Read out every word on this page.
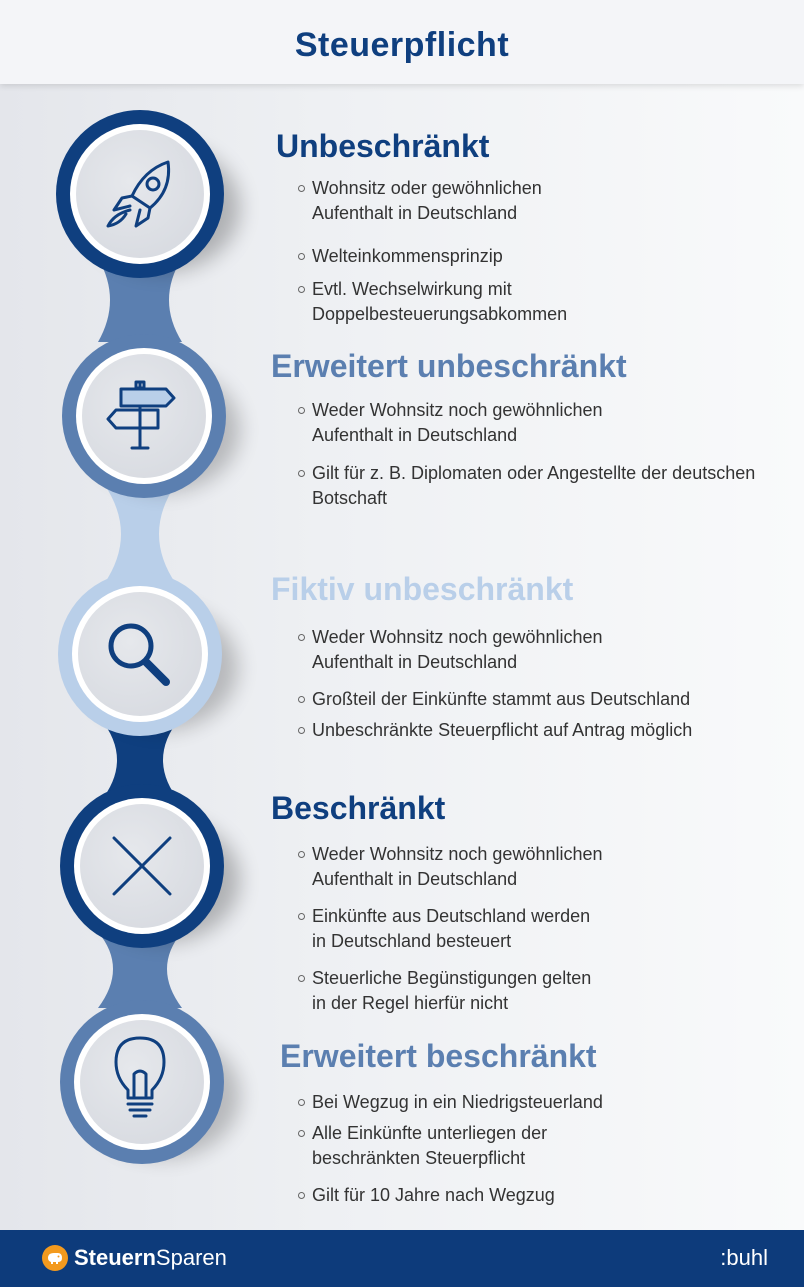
Steuerpflicht
Unbeschränkt
Wohnsitz oder gewöhnlichen
Aufenthalt in Deutschland
Welteinkommensprinzip
Evtl. Wechselwirkung mit
Doppelbesteuerungsabkommen
Erweitert unbeschränkt
Weder Wohnsitz noch gewöhnlichen
Aufenthalt in Deutschland
Gilt für z. B. Diplomaten oder Angestellte der deutschen
Botschaft
Fiktiv unbeschränkt
Weder Wohnsitz noch gewöhnlichen
Aufenthalt in Deutschland
Großteil der Einkünfte stammt aus Deutschland
Unbeschränkte Steuerpflicht auf Antrag möglich
Beschränkt
Weder Wohnsitz noch gewöhnlichen
Aufenthalt in Deutschland
Einkünfte aus Deutschland werden
in Deutschland besteuert
Steuerliche Begünstigungen gelten
in der Regel hierfür nicht
Erweitert beschränkt
Bei Wegzug in ein Niedrigsteuerland
Alle Einkünfte unterliegen der
beschränkten Steuerpflicht
Gilt für 10 Jahre nach Wegzug
SteuernSparen	:buhl
